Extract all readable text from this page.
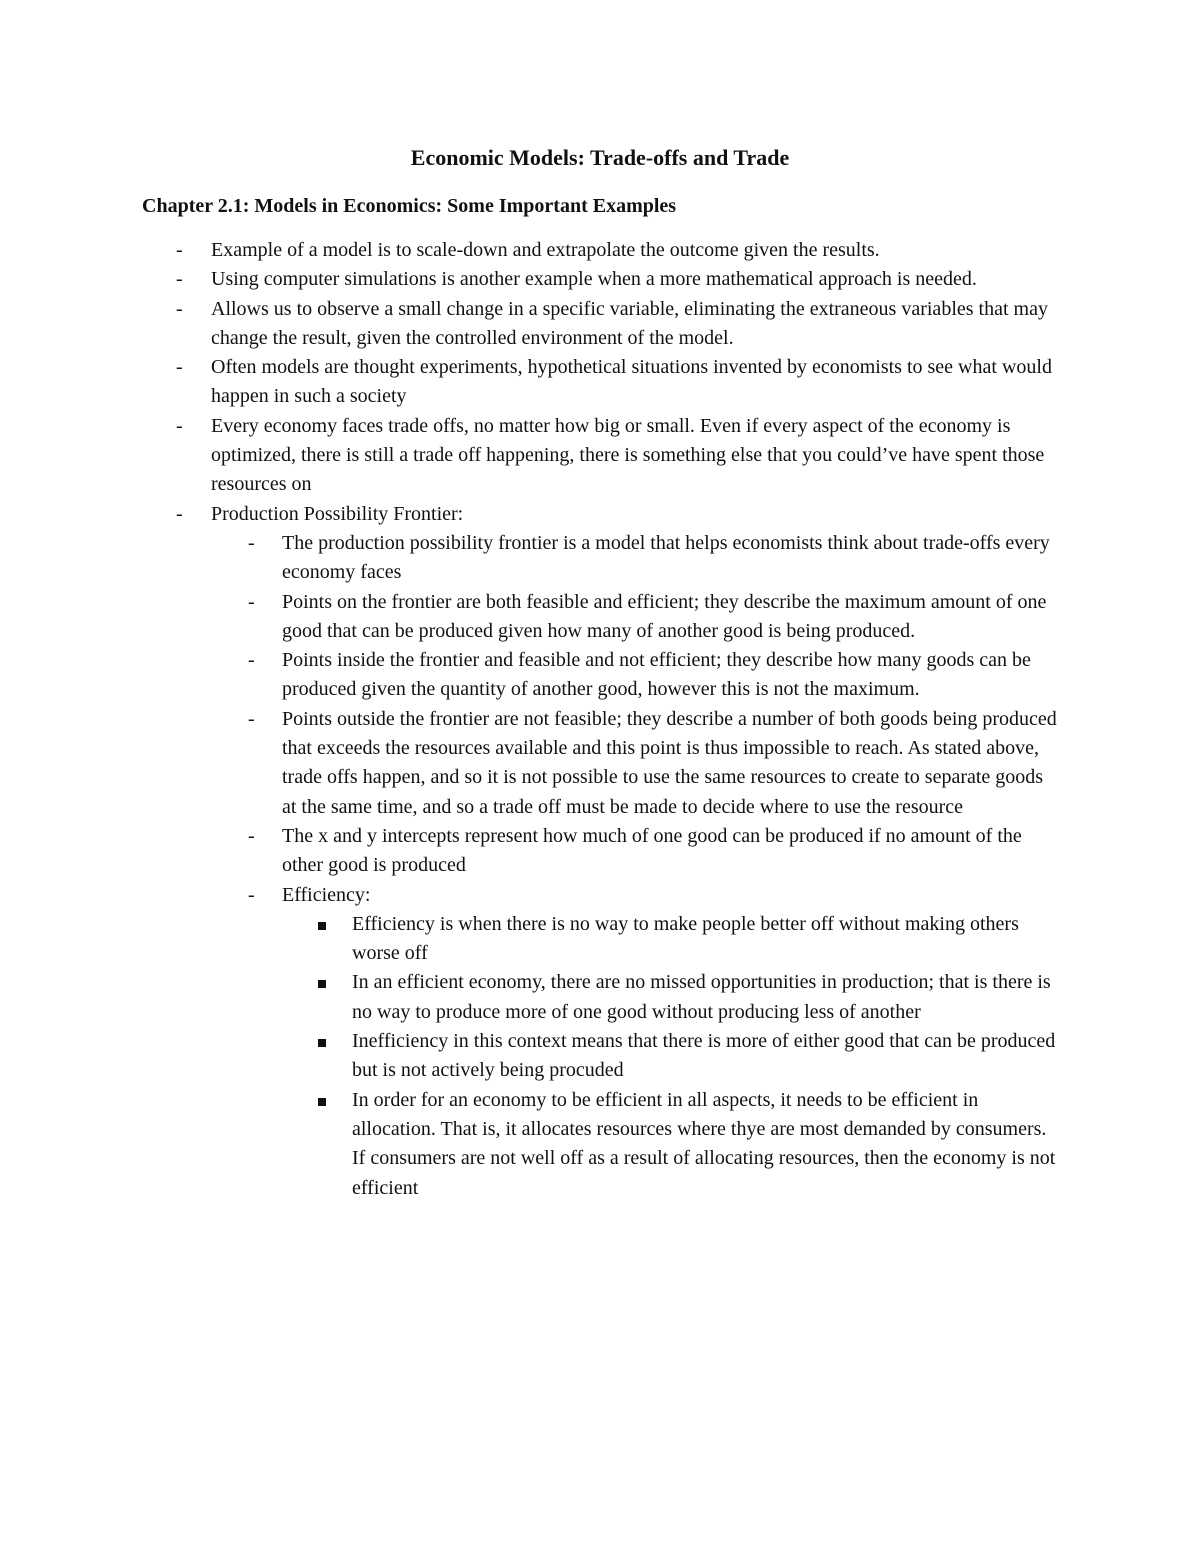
Economic Models: Trade-offs and Trade
Chapter 2.1: Models in Economics: Some Important Examples
-	Example of a model is to scale-down and extrapolate the outcome given the results.
-	Using computer simulations is another example when a more mathematical approach is needed.
-	Allows us to observe a small change in a specific variable, eliminating the extraneous variables that may change the result, given the controlled environment of the model.
-	Often models are thought experiments, hypothetical situations invented by economists to see what would happen in such a society
-	Every economy faces trade offs, no matter how big or small. Even if every aspect of the economy is optimized, there is still a trade off happening, there is something else that you could’ve have spent those resources on
-	Production Possibility Frontier:
-	The production possibility frontier is a model that helps economists think about trade-offs every economy faces
-	Points on the frontier are both feasible and efficient; they describe the maximum amount of one good that can be produced given how many of another good is being produced.
-	Points inside the frontier and feasible and not efficient; they describe how many goods can be produced given the quantity of another good, however this is not the maximum.
-	Points outside the frontier are not feasible; they describe a number of both goods being produced that exceeds the resources available and this point is thus impossible to reach. As stated above, trade offs happen, and so it is not possible to use the same resources to create to separate goods at the same time, and so a trade off must be made to decide where to use the resource
-	The x and y intercepts represent how much of one good can be produced if no amount of the other good is produced
-	Efficiency:
Efficiency is when there is no way to make people better off without making others worse off
In an efficient economy, there are no missed opportunities in production; that is there is no way to produce more of one good without producing less of another
Inefficiency in this context means that there is more of either good that can be produced but is not actively being procuded
In order for an economy to be efficient in all aspects, it needs to be efficient in allocation. That is, it allocates resources where thye are most demanded by consumers. If consumers are not well off as a result of allocating resources, then the economy is not efficient
